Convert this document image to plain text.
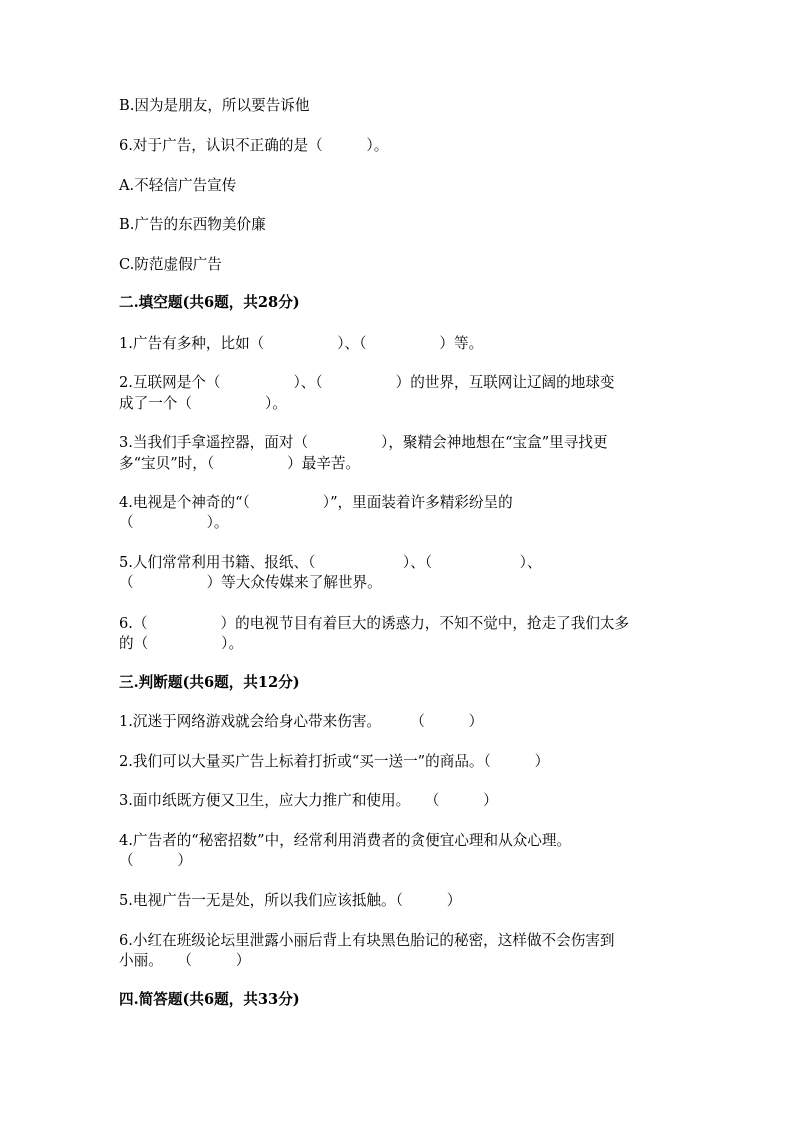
B.因为是朋友，所以要告诉他
6.对于广告，认识不正确的是（　　　）。
A.不轻信广告宣传
B.广告的东西物美价廉
C.防范虚假广告
二.填空题(共6题，共28分)
1.广告有多种，比如（　　　　　）、（　　　　　）等。
2.互联网是个（　　　　　）、（　　　　　）的世界，互联网让辽阔的地球变
成了一个（　　　　　）。
3.当我们手拿遥控器，面对（　　　　　），聚精会神地想在“宝盒”里寻找更
多“宝贝”时，（　　　　　）最辛苦。
4.电视是个神奇的“（　　　　　）”，里面装着许多精彩纷呈的
（　　　　　）。
5.人们常常利用书籍、报纸、（　　　　　　）、（　　　　　　）、
（　　　　　）等大众传媒来了解世界。
6.（　　　　　）的电视节目有着巨大的诱惑力，不知不觉中，抢走了我们太多
的（　　　　　）。
三.判断题(共6题，共12分)
1.沉迷于网络游戏就会给身心带来伤害。　　　（　　　）
2.我们可以大量买广告上标着打折或“买一送一”的商品。（　　　）
3.面巾纸既方便又卫生，应大力推广和使用。　　（　　　）
4.广告者的“秘密招数”中，经常利用消费者的贪便宜心理和从众心理。
（　　　）
5.电视广告一无是处，所以我们应该抵触。（　　　）
6.小红在班级论坛里泄露小丽后背上有块黑色胎记的秘密，这样做不会伤害到
小丽。　　（　　　）
四.简答题(共6题，共33分)
